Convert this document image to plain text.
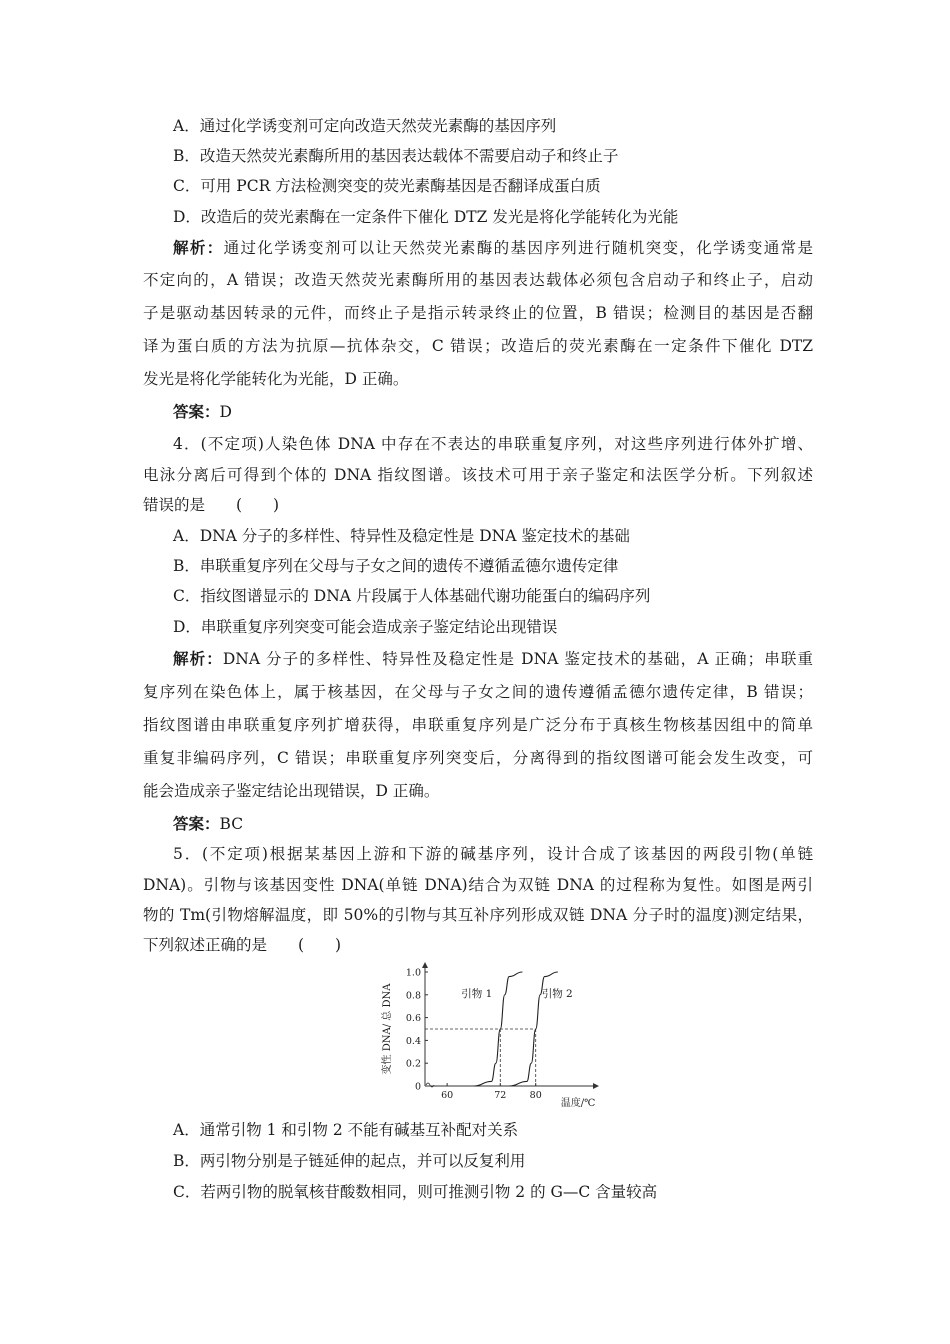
A．通过化学诱变剂可定向改造天然荧光素酶的基因序列
B．改造天然荧光素酶所用的基因表达载体不需要启动子和终止子
C．可用 PCR 方法检测突变的荧光素酶基因是否翻译成蛋白质
D．改造后的荧光素酶在一定条件下催化 DTZ 发光是将化学能转化为光能
解析：通过化学诱变剂可以让天然荧光素酶的基因序列进行随机突变，化学诱变通常是
不定向的，A 错误；改造天然荧光素酶所用的基因表达载体必须包含启动子和终止子，启动
子是驱动基因转录的元件，而终止子是指示转录终止的位置，B 错误；检测目的基因是否翻
译为蛋白质的方法为抗原—抗体杂交，C 错误；改造后的荧光素酶在一定条件下催化 DTZ
发光是将化学能转化为光能，D 正确。
答案：D
4．(不定项)人染色体 DNA 中存在不表达的串联重复序列，对这些序列进行体外扩增、
电泳分离后可得到个体的 DNA 指纹图谱。该技术可用于亲子鉴定和法医学分析。下列叙述
错误的是　　(　　)
A．DNA 分子的多样性、特异性及稳定性是 DNA 鉴定技术的基础
B．串联重复序列在父母与子女之间的遗传不遵循孟德尔遗传定律
C．指纹图谱显示的 DNA 片段属于人体基础代谢功能蛋白的编码序列
D．串联重复序列突变可能会造成亲子鉴定结论出现错误
解析：DNA 分子的多样性、特异性及稳定性是 DNA 鉴定技术的基础，A 正确；串联重
复序列在染色体上，属于核基因，在父母与子女之间的遗传遵循孟德尔遗传定律，B 错误；
指纹图谱由串联重复序列扩增获得，串联重复序列是广泛分布于真核生物核基因组中的简单
重复非编码序列，C 错误；串联重复序列突变后，分离得到的指纹图谱可能会发生改变，可
能会造成亲子鉴定结论出现错误，D 正确。
答案：BC
5．(不定项)根据某基因上游和下游的碱基序列，设计合成了该基因的两段引物(单链
DNA)。引物与该基因变性 DNA(单链 DNA)结合为双链 DNA 的过程称为复性。如图是两引
物的 Tm(引物熔解温度，即 50%的引物与其互补序列形成双链 DNA 分子时的温度)测定结果，
下列叙述正确的是　　(　　)
0
0.2
0.4
0.6
0.8
1.0
60	72 80
引物 1	引物 2
温度/℃
变性 DNA/ 总 DNA
A．通常引物 1 和引物 2 不能有碱基互补配对关系
B．两引物分别是子链延伸的起点，并可以反复利用
C．若两引物的脱氧核苷酸数相同，则可推测引物 2 的 G—C 含量较高
